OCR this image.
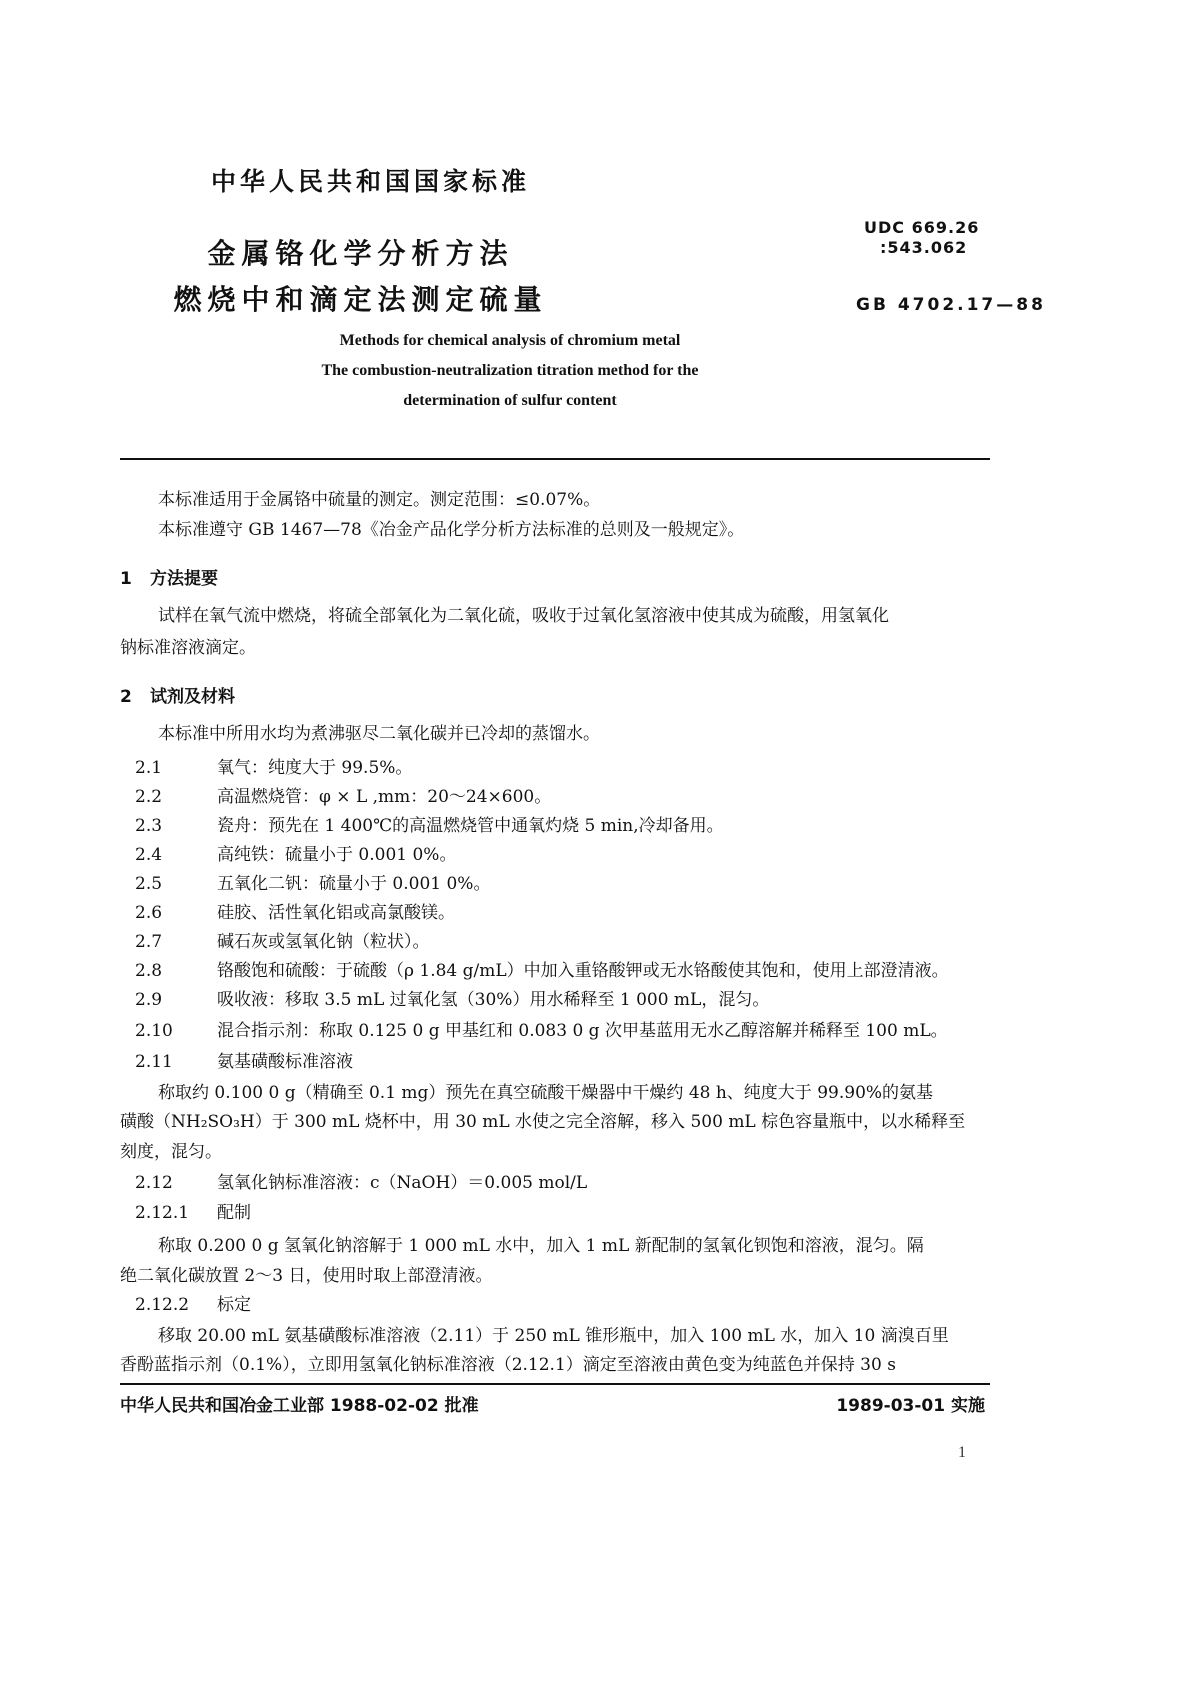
中华人民共和国国家标准
金属铬化学分析方法
燃烧中和滴定法测定硫量
UDC 669.26
:543.062
GB 4702.17—88
Methods for chemical analysis of chromium metal
The combustion-neutralization titration method for the
determination of sulfur content
本标准适用于金属铬中硫量的测定。测定范围：≤0.07%。
本标准遵守 GB 1467—78《冶金产品化学分析方法标准的总则及一般规定》。
1 方法提要
试样在氧气流中燃烧，将硫全部氧化为二氧化硫，吸收于过氧化氢溶液中使其成为硫酸，用氢氧化
钠标准溶液滴定。
2 试剂及材料
本标准中所用水均为煮沸驱尽二氧化碳并已冷却的蒸馏水。
2.1	氧气：纯度大于 99.5%。
2.2	高温燃烧管：φ × L ,mm：20～24×600。
2.3	瓷舟：预先在 1 400℃的高温燃烧管中通氧灼烧 5 min,冷却备用。
2.4	高纯铁：硫量小于 0.001 0%。
2.5	五氧化二钒：硫量小于 0.001 0%。
2.6	硅胶、活性氧化铝或高氯酸镁。
2.7	碱石灰或氢氧化钠（粒状）。
2.8	铬酸饱和硫酸：于硫酸（ρ 1.84 g/mL）中加入重铬酸钾或无水铬酸使其饱和，使用上部澄清液。
2.9	吸收液：移取 3.5 mL 过氧化氢（30%）用水稀释至 1 000 mL，混匀。
2.10	混合指示剂：称取 0.125 0 g 甲基红和 0.083 0 g 次甲基蓝用无水乙醇溶解并稀释至 100 mL。
2.11	氨基磺酸标准溶液
称取约 0.100 0 g（精确至 0.1 mg）预先在真空硫酸干燥器中干燥约 48 h、纯度大于 99.90%的氨基
磺酸（NH₂SO₃H）于 300 mL 烧杯中，用 30 mL 水使之完全溶解，移入 500 mL 棕色容量瓶中，以水稀释至
刻度，混匀。
2.12	氢氧化钠标准溶液：c（NaOH）＝0.005 mol/L
2.12.1 配制
称取 0.200 0 g 氢氧化钠溶解于 1 000 mL 水中，加入 1 mL 新配制的氢氧化钡饱和溶液，混匀。隔
绝二氧化碳放置 2～3 日，使用时取上部澄清液。
2.12.2 标定
移取 20.00 mL 氨基磺酸标准溶液（2.11）于 250 mL 锥形瓶中，加入 100 mL 水，加入 10 滴溴百里
香酚蓝指示剂（0.1%），立即用氢氧化钠标准溶液（2.12.1）滴定至溶液由黄色变为纯蓝色并保持 30 s
中华人民共和国冶金工业部 1988-02-02 批准	1989-03-01 实施
1
